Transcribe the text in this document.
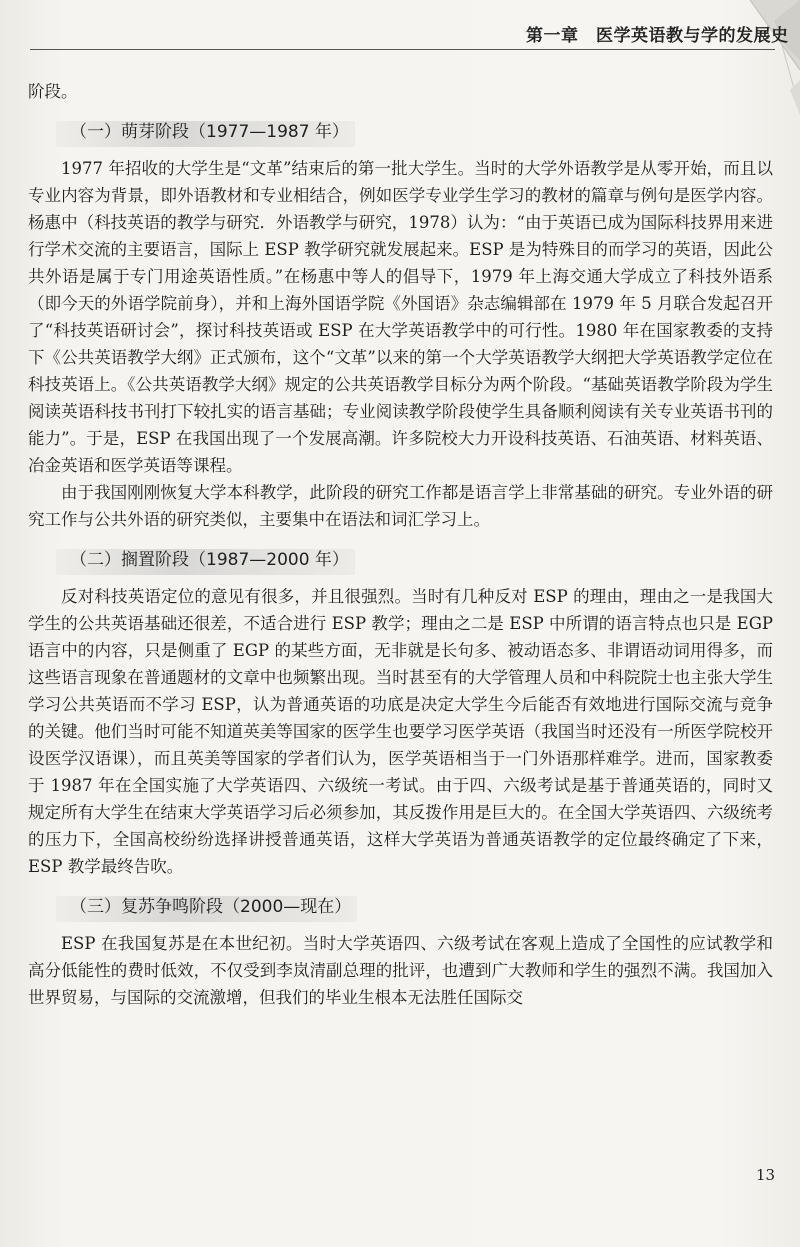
第一章　医学英语教与学的发展史

阶段。

（一）萌芽阶段（1977—1987 年）

1977 年招收的大学生是“文革”结束后的第一批大学生。当时的大学外语教学是从零开始，而且以专业内容为背景，即外语教材和专业相结合，例如医学专业学生学习的教材的篇章与例句是医学内容。杨惠中（科技英语的教学与研究．外语教学与研究，1978）认为：“由于英语已成为国际科技界用来进行学术交流的主要语言，国际上 ESP 教学研究就发展起来。ESP 是为特殊目的而学习的英语，因此公共外语是属于专门用途英语性质。”在杨惠中等人的倡导下，1979 年上海交通大学成立了科技外语系（即今天的外语学院前身），并和上海外国语学院《外国语》杂志编辑部在 1979 年 5 月联合发起召开了“科技英语研讨会”，探讨科技英语或 ESP 在大学英语教学中的可行性。1980 年在国家教委的支持下《公共英语教学大纲》正式颁布，这个“文革”以来的第一个大学英语教学大纲把大学英语教学定位在科技英语上。《公共英语教学大纲》规定的公共英语教学目标分为两个阶段。“基础英语教学阶段为学生阅读英语科技书刊打下较扎实的语言基础；专业阅读教学阶段使学生具备顺利阅读有关专业英语书刊的能力”。于是，ESP 在我国出现了一个发展高潮。许多院校大力开设科技英语、石油英语、材料英语、冶金英语和医学英语等课程。

由于我国刚刚恢复大学本科教学，此阶段的研究工作都是语言学上非常基础的研究。专业外语的研究工作与公共外语的研究类似，主要集中在语法和词汇学习上。

（二）搁置阶段（1987—2000 年）

反对科技英语定位的意见有很多，并且很强烈。当时有几种反对 ESP 的理由，理由之一是我国大学生的公共英语基础还很差，不适合进行 ESP 教学；理由之二是 ESP 中所谓的语言特点也只是 EGP 语言中的内容，只是侧重了 EGP 的某些方面，无非就是长句多、被动语态多、非谓语动词用得多，而这些语言现象在普通题材的文章中也频繁出现。当时甚至有的大学管理人员和中科院院士也主张大学生学习公共英语而不学习 ESP，认为普通英语的功底是决定大学生今后能否有效地进行国际交流与竞争的关键。他们当时可能不知道英美等国家的医学生也要学习医学英语（我国当时还没有一所医学院校开设医学汉语课），而且英美等国家的学者们认为，医学英语相当于一门外语那样难学。进而，国家教委于 1987 年在全国实施了大学英语四、六级统一考试。由于四、六级考试是基于普通英语的，同时又规定所有大学生在结束大学英语学习后必须参加，其反拨作用是巨大的。在全国大学英语四、六级统考的压力下，全国高校纷纷选择讲授普通英语，这样大学英语为普通英语教学的定位最终确定了下来，ESP 教学最终告吹。

（三）复苏争鸣阶段（2000—现在）

ESP 在我国复苏是在本世纪初。当时大学英语四、六级考试在客观上造成了全国性的应试教学和高分低能性的费时低效，不仅受到李岚清副总理的批评，也遭到广大教师和学生的强烈不满。我国加入世界贸易，与国际的交流激增，但我们的毕业生根本无法胜任国际交

13
